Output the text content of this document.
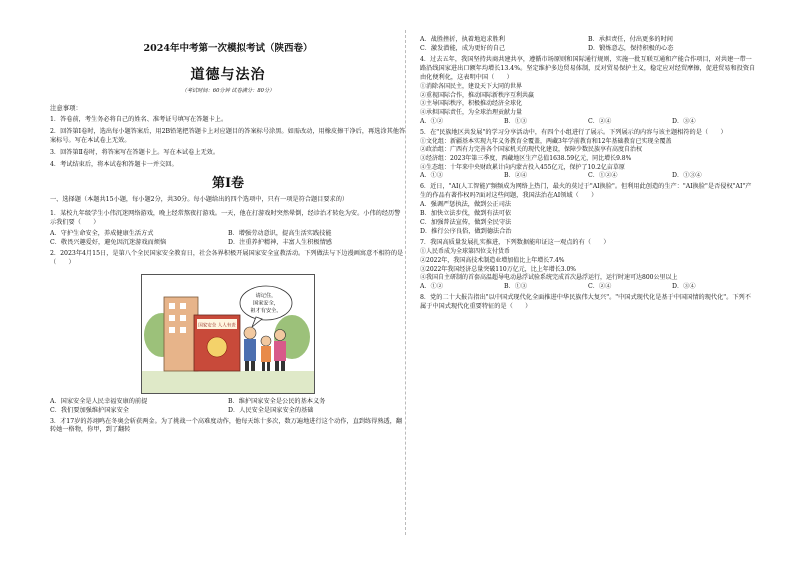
2024年中考第一次模拟考试（陕西卷）
道德与法治
（考试时间：60分钟 试卷满分：80分）
注意事项：

1．答卷前，考生务必将自己的姓名、准考证号填写在答题卡上。

2．回答第Ⅰ卷时，选出每小题答案后，用2B铅笔把答题卡上对应题目的答案标号涂黑。如需改动，用橡皮擦干净后，再选涂其他答案标号。写在本试卷上无效。

3．回答第Ⅱ卷时，将答案写在答题卡上。写在本试卷上无效。

4．考试结束后，将本试卷和答题卡一并交回。

第Ⅰ卷

一、选择题（本题共15小题，每小题2分，共30分。每小题给出的四个选项中，只有一项是符合题目要求的）

1．某校九年级学生小伟沉迷网络游戏，晚上经常熬夜打游戏。一天，他在打游戏时突然晕倒，经诊治才转危为安。小伟的经历警示我们要（　　）

A．守护生命安全，养成健康生活方式	B．增强劳动意识，提高生活实践技能
C．敬畏兴趣爱好，避免因沉迷游戏而烦恼	D．注重养护精神，丰富人生积极情感

2．2023年4月15日，是第八个全民国家安全教育日，社会各界积极开展国家安全宣教活动。下列做法与下边漫画寓意不相符的是（　　）

国家安全 人人有责
请记住，
国家安全，
祖才有安全。
A．国家安全是人民幸福安康的前提	B．维护国家安全是公民的基本义务
C．我们要加强维护国家安全	D．人民安全是国家安全的基础

3．才17岁的苏翊鸣在冬奥会斩获两金。为了挑战一个高难度动作，他每天练十多次，数万遍地进行这个动作，直到练得熟透，翻转她一格物，你甲，到了翻转

A．战胜挫折，执着地追求胜利	B．承担责任，付出更多的时间
C．激发潜能，成为更好的自己	D．锻炼意志，保持积极的心态

4．过去五年，我国坚持共商共建共享，遵循市场原则和国际通行规则，实施一批互联互通和产能合作项目，对共建一带一路沿线国家进出口额年均增长13.4%。坚定维护多边贸易体制，反对贸易保护主义，稳定应对经贸摩擦，促进贸易和投资自由化便利化，这表明中国（　　）

①消除各国民主，建设天下大同的世界

②重视国际合作，推动国际新秩序互利共赢

③主导国际秩序，积极推动经济全球化

④承担国际责任，为全球治理贡献力量

A．①②	B．①③	C．②④	D．③④

5．在"民族地区共发展"的学习分享活动中，有四个小组进行了展示。下列展示的内容与该主题相符的是（　　）

①文化组：新疆基本实现九年义务教育全覆盖，两藏3年学前教育和12年基础教育已实现全覆盖

②政治组：广西有力完善各个国家机关的现代化建设，保障少数民族享有高度自治权

③经济组：2023年第三季度，西藏地区生产总值1638.59亿元，同比增长9.8%

④生态组：十年来中央财政累计向内蒙古投入455亿元，保护了10.2亿亩草原

A．①③	B．②④	C．①②④	D．①③④

6．近日，"AI(人工智能)"频频成为网络上热门，最火的莫过于"AI换脸"。但利用此创造的生产："AI换脸"是否侵权"AI"产生的作品有著作权吗?面对这些问题，我国法治在AI领域（　　）

A．强调严惩执法，做到公正司法

B．加快立法步伐，做到有法可依

C．加强普法宣传，做到全民守法

D．推行公序良俗，做到德法合治

7．我国高质量发展扎实推进，下列数据能印证这一观点的有（　　）

①人民币成为全球第四位支付货币

②2022年，我国高技术制造业增加值比上年增长7.4%

③2022年我国经济总量突破110万亿元，比上年增长3.0%

④我国自主研制的首套高温超导电动悬浮试验系统完成首次悬浮运行，运行时速可达800公里以上

A．①②	B．①③	C．②④	D．③④

8．党的二十大报告指出"以中国式现代化全面推进中华民族伟大复兴"。"中国式现代化是基于中国国情的现代化"。下列不属于中国式现代化重要特征的是（　　）
